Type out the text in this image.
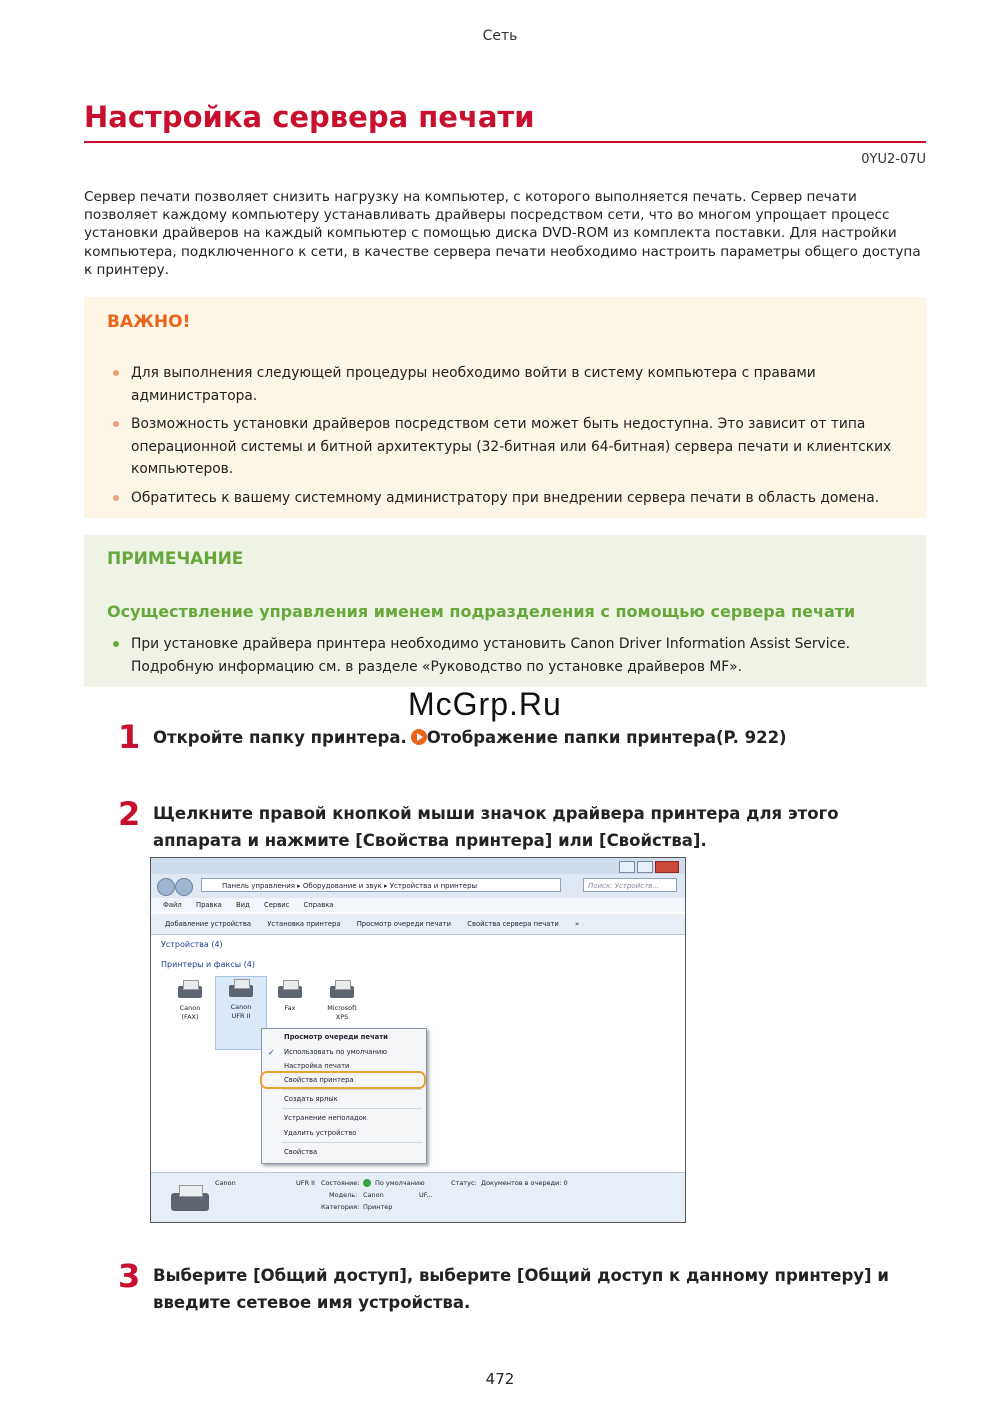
Сеть
Настройка сервера печати
0YU2-07U
Сервер печати позволяет снизить нагрузку на компьютер, с которого выполняется печать. Сервер печати позволяет каждому компьютеру устанавливать драйверы посредством сети, что во многом упрощает процесс установки драйверов на каждый компьютер с помощью диска DVD-ROM из комплекта поставки. Для настройки компьютера, подключенного к сети, в качестве сервера печати необходимо настроить параметры общего доступа к принтеру.
ВАЖНО!
Для выполнения следующей процедуры необходимо войти в систему компьютера с правами администратора.
Возможность установки драйверов посредством сети может быть недоступна. Это зависит от типа операционной системы и битной архитектуры (32-битная или 64-битная) сервера печати и клиентских компьютеров.
Обратитесь к вашему системному администратору при внедрении сервера печати в область домена.
ПРИМЕЧАНИЕ
Осуществление управления именем подразделения с помощью сервера печати
При установке драйвера принтера необходимо установить Canon Driver Information Assist Service. Подробную информацию см. в разделе «Руководство по установке драйверов MF».
McGrp.Ru
1 Откройте папку принтера. Отображение папки принтера(P. 922)
2 Щелкните правой кнопкой мыши значок драйвера принтера для этого аппарата и нажмите [Свойства принтера] или [Свойства].
Панель управления ▸ Оборудование и звук ▸ Устройства и принтеры	Поиск: Устройств...
Файл Правка Вид Сервис Справка
Добавление устройства Установка принтера Просмотр очереди печати Свойства сервера печати »
Устройства (4)
Принтеры и факсы (4)
Canon
(FAX)
Canon
UFR II
Fax	Microsoft
XPS
Просмотр очереди печати
✓ Использовать по умолчанию
Настройка печати
Свойства принтера
Создать ярлык
Устранение неполадок
Удалить устройство
Свойства
Canon	UFR II Состояние: По умолчанию	Статус: Документов в очереди: 0
Модель: Canon	UF...
Категория: Принтер
3 Выберите [Общий доступ], выберите [Общий доступ к данному принтеру] и введите сетевое имя устройства.
472
